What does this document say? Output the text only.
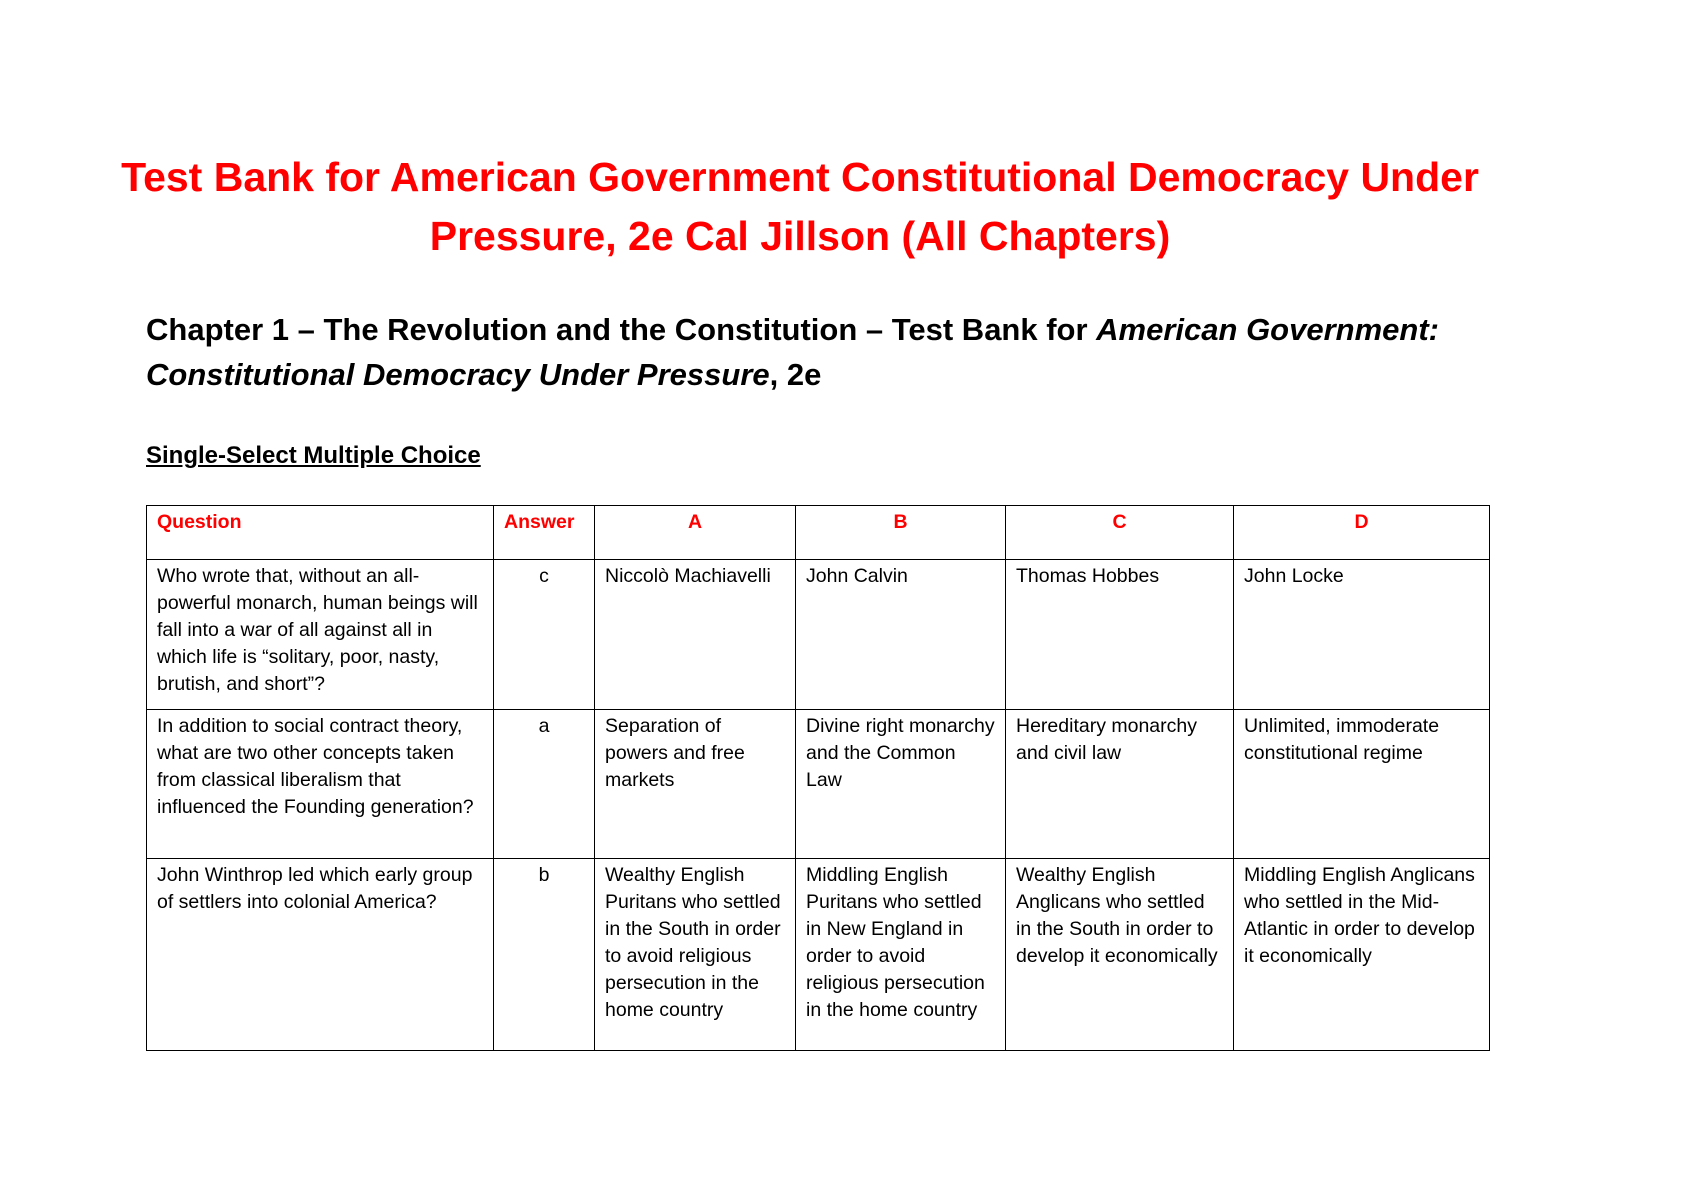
Test Bank for American Government Constitutional Democracy Under Pressure, 2e Cal Jillson (All Chapters)
Chapter 1 – The Revolution and the Constitution – Test Bank for American Government: Constitutional Democracy Under Pressure, 2e
Single-Select Multiple Choice
Question	Answer	A	B	C	D
Who wrote that, without an all-powerful monarch, human beings will fall into a war of all against all in which life is “solitary, poor, nasty, brutish, and short”?	c	Niccolò Machiavelli	John Calvin	Thomas Hobbes	John Locke
In addition to social contract theory, what are two other concepts taken from classical liberalism that influenced the Founding generation?	a	Separation of powers and free markets	Divine right monarchy and the Common Law	Hereditary monarchy and civil law	Unlimited, immoderate constitutional regime
John Winthrop led which early group of settlers into colonial America?	b	Wealthy English Puritans who settled in the South in order to avoid religious persecution in the home country	Middling English Puritans who settled in New England in order to avoid religious persecution in the home country	Wealthy English Anglicans who settled in the South in order to develop it economically	Middling English Anglicans who settled in the Mid-Atlantic in order to develop it economically
